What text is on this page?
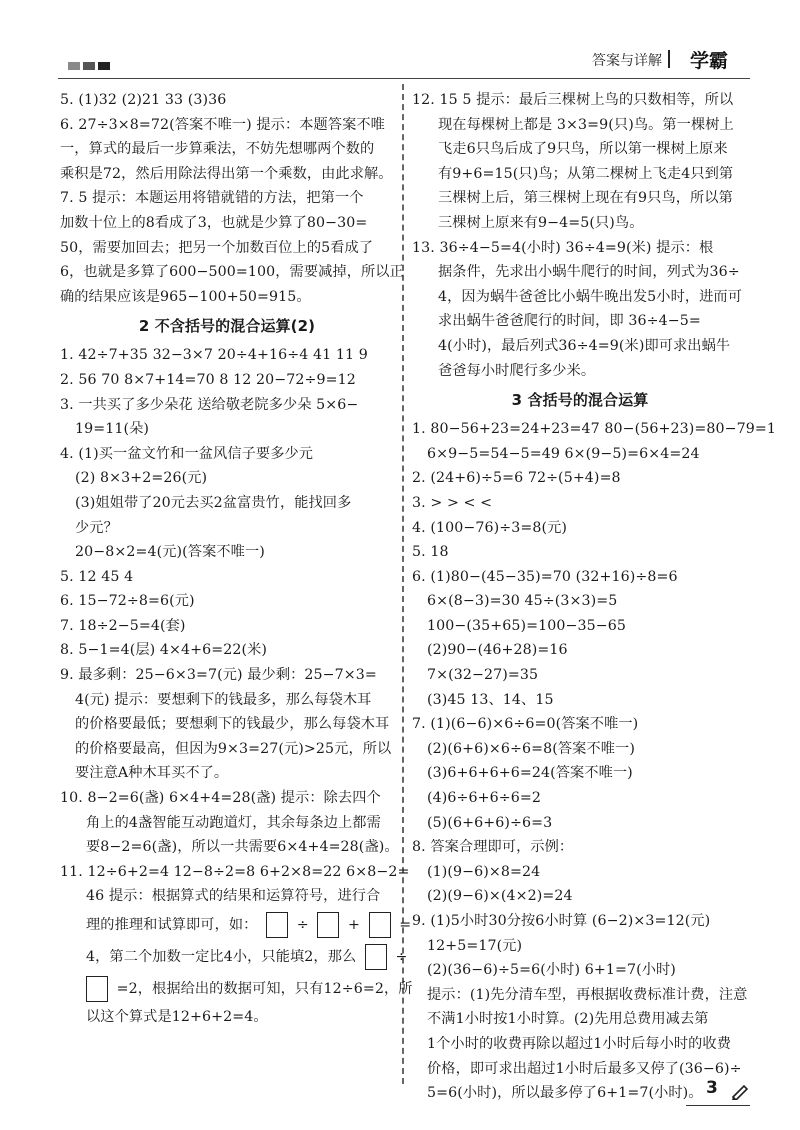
答案与详解 学霸
5. (1)32 (2)21 33 (3)36
6. 27÷3×8=72(答案不唯一) 提示：本题答案不唯
一，算式的最后一步算乘法，不妨先想哪两个数的
乘积是72，然后用除法得出第一个乘数，由此求解。
7. 5 提示：本题运用将错就错的方法，把第一个
加数十位上的8看成了3，也就是少算了80−30=
50，需要加回去；把另一个加数百位上的5看成了
6，也就是多算了600−500=100，需要减掉，所以正
确的结果应该是965−100+50=915。
2 不含括号的混合运算(2)
1. 42÷7+35 32−3×7 20÷4+16÷4 41 11 9
2. 56 70 8×7+14=70 8 12 20−72÷9=12
3. 一共买了多少朵花 送给敬老院多少朵 5×6−
19=11(朵)
4. (1)买一盆文竹和一盆风信子要多少元
(2) 8×3+2=26(元)
(3)姐姐带了20元去买2盆富贵竹，能找回多
少元？
20−8×2=4(元)(答案不唯一)
5. 12 45 4
6. 15−72÷8=6(元)
7. 18÷2−5=4(套)
8. 5−1=4(层) 4×4+6=22(米)
9. 最多剩：25−6×3=7(元) 最少剩：25−7×3=
4(元) 提示：要想剩下的钱最多，那么每袋木耳
的价格要最低；要想剩下的钱最少，那么每袋木耳
的价格要最高，但因为9×3=27(元)>25元，所以
要注意A种木耳买不了。
10. 8−2=6(盏) 6×4+4=28(盏) 提示：除去四个
角上的4盏智能互动跑道灯，其余每条边上都需
要8−2=6(盏)，所以一共需要6×4+4=28(盏)。
11. 12÷6+2=4 12−8÷2=8 6+2×8=22 6×8−2=
46 提示：根据算式的结果和运算符号，进行合
理的推理和试算即可，如：	÷	+	=
4，第二个加数一定比4小，只能填2，那么	÷
=2，根据给出的数据可知，只有12÷6=2，所
以这个算式是12+6+2=4。
12. 15 5 提示：最后三棵树上鸟的只数相等，所以
现在每棵树上都是 3×3=9(只)鸟。第一棵树上
飞走6只鸟后成了9只鸟，所以第一棵树上原来
有9+6=15(只)鸟；从第二棵树上飞走4只到第
三棵树上后，第三棵树上现在有9只鸟，所以第
三棵树上原来有9−4=5(只)鸟。
13. 36÷4−5=4(小时) 36÷4=9(米) 提示：根
据条件，先求出小蜗牛爬行的时间，列式为36÷
4，因为蜗牛爸爸比小蜗牛晚出发5小时，进而可
求出蜗牛爸爸爬行的时间，即 36÷4−5=
4(小时)，最后列式36÷4=9(米)即可求出蜗牛
爸爸每小时爬行多少米。
3 含括号的混合运算
1. 80−56+23=24+23=47 80−(56+23)=80−79=1
6×9−5=54−5=49 6×(9−5)=6×4=24
2. (24+6)÷5=6 72÷(5+4)=8
3. > > < <
4. (100−76)÷3=8(元)
5. 18
6. (1)80−(45−35)=70 (32+16)÷8=6
6×(8−3)=30 45÷(3×3)=5
100−(35+65)=100−35−65
(2)90−(46+28)=16
7×(32−27)=35
(3)45 13、14、15
7. (1)(6−6)×6÷6=0(答案不唯一)
(2)(6+6)×6÷6=8(答案不唯一)
(3)6+6+6+6=24(答案不唯一)
(4)6÷6+6÷6=2
(5)(6+6+6)÷6=3
8. 答案合理即可，示例：
(1)(9−6)×8=24
(2)(9−6)×(4×2)=24
9. (1)5小时30分按6小时算 (6−2)×3=12(元)
12+5=17(元)
(2)(36−6)÷5=6(小时) 6+1=7(小时)
提示：(1)先分清车型，再根据收费标准计费，注意
不满1小时按1小时算。(2)先用总费用减去第
1个小时的收费再除以超过1小时后每小时的收费
价格，即可求出超过1小时后最多又停了(36−6)÷
5=6(小时)，所以最多停了6+1=7(小时)。 3
